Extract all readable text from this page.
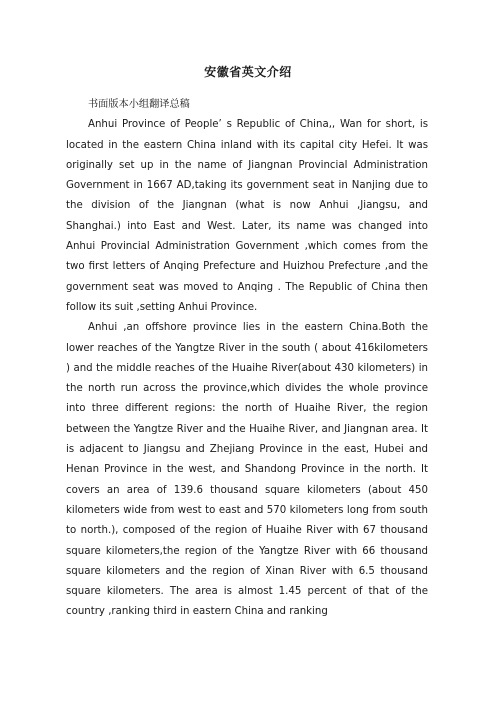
安徽省英文介绍

书面版本小组翻译总稿

Anhui Province of People’ s Republic of China,, Wan for short, is located in the eastern China inland with its capital city Hefei. It was originally set up in the name of Jiangnan Provincial Administration Government in 1667 AD,taking its government seat in Nanjing due to the division of the Jiangnan (what is now Anhui ,Jiangsu, and Shanghai.) into East and West. Later, its name was changed into Anhui Provincial Administration Government ,which comes from the two first letters of Anqing Prefecture and Huizhou Prefecture ,and the government seat was moved to Anqing . The Republic of China then follow its suit ,setting Anhui Province.

Anhui ,an offshore province lies in the eastern China.Both the lower reaches of the Yangtze River in the south ( about 416kilometers ) and the middle reaches of the Huaihe River(about 430 kilometers) in the north run across the province,which divides the whole province into three different regions: the north of Huaihe River, the region between the Yangtze River and the Huaihe River, and Jiangnan area. It is adjacent to Jiangsu and Zhejiang Province in the east, Hubei and Henan Province in the west, and Shandong Province in the north. It covers an area of 139.6 thousand square kilometers (about 450 kilometers wide from west to east and 570 kilometers long from south to north.), composed of the region of Huaihe River with 67 thousand square kilometers,the region of the Yangtze River with 66 thousand square kilometers and the region of Xinan River with 6.5 thousand square kilometers. The area is almost 1.45 percent of that of the country ,ranking third in eastern China and ranking
